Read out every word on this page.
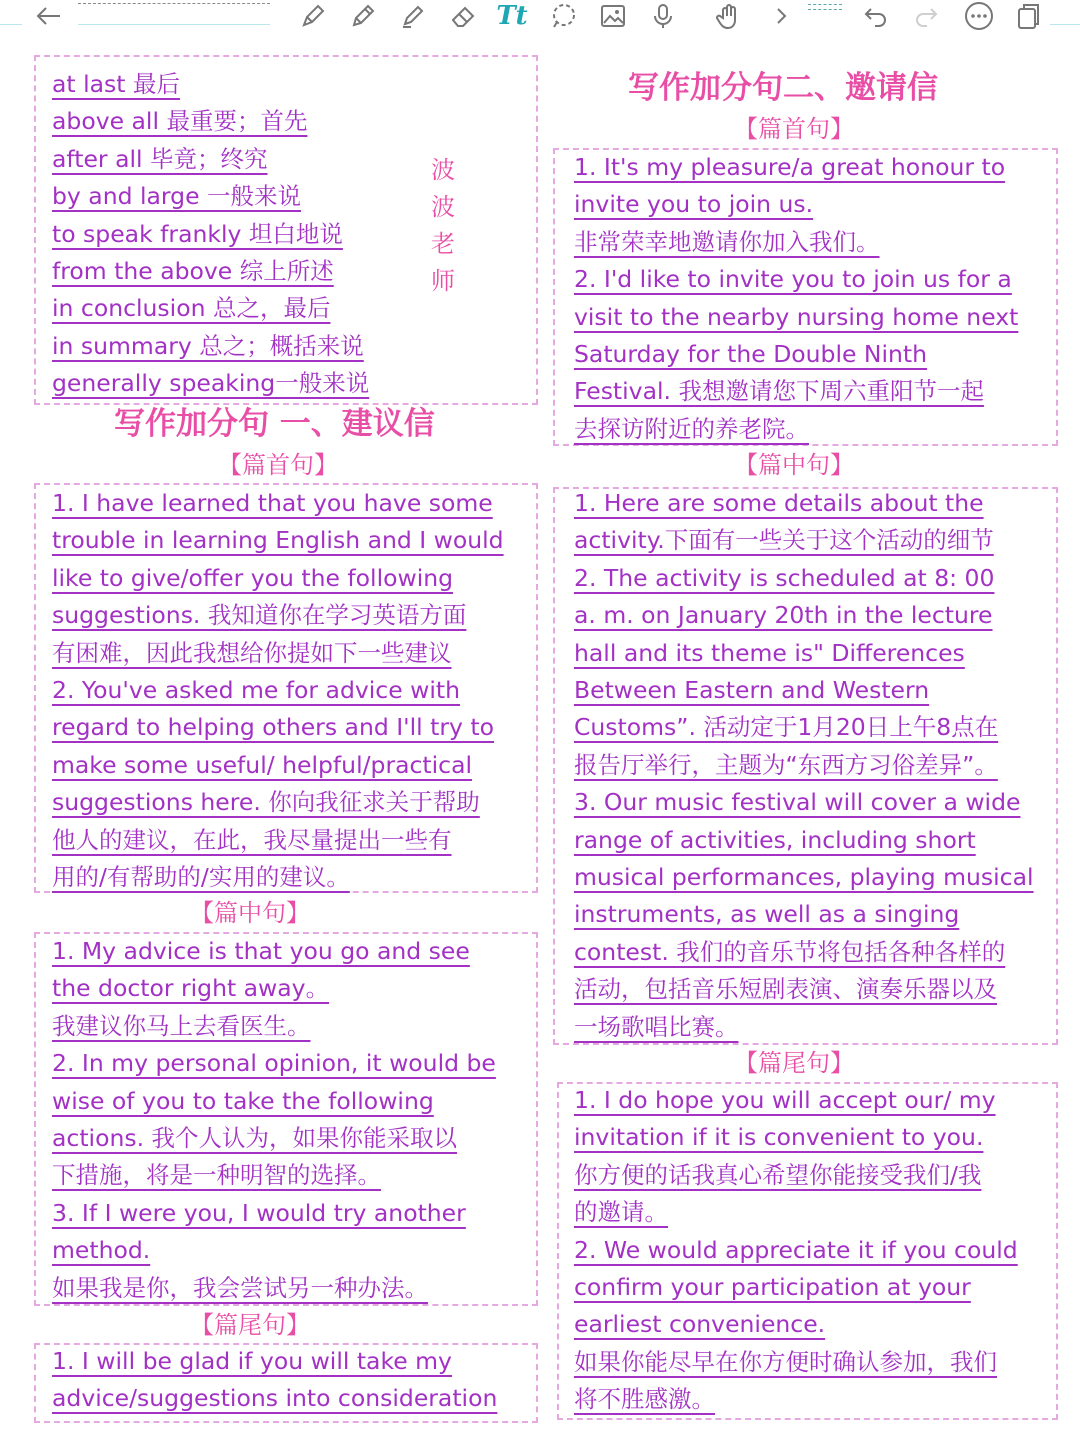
Tt

at last 最后

above all 最重要；首先

after all 毕竟；终究

by and large 一般来说

to speak frankly 坦白地说

from the above 综上所述

in conclusion 总之，最后

in summary 总之；概括来说

generally speaking一般来说

波
波
老
师

写作加分句 一、建议信

【篇首句】

1. I have learned that you have some

trouble in learning English and I would

like to give/offer you the following

suggestions. 我知道你在学习英语方面

有困难，因此我想给你提如下一些建议

2. You've asked me for advice with

regard to helping others and I'll try to

make some useful/ helpful/practical

suggestions here. 你向我征求关于帮助

他人的建议，在此，我尽量提出一些有

用的/有帮助的/实用的建议。

【篇中句】

1. My advice is that you go and see

the doctor right away。

我建议你马上去看医生。

2. In my personal opinion, it would be

wise of you to take the following

actions. 我个人认为，如果你能采取以

下措施，将是一种明智的选择。

3. If I were you, I would try another

method.

如果我是你，我会尝试另一种办法。

【篇尾句】

1. I will be glad if you will take my

advice/suggestions into consideration

写作加分句二、邀请信

【篇首句】

1. It's my pleasure/a great honour to

invite you to join us.

非常荣幸地邀请你加入我们。

2. I'd like to invite you to join us for a

visit to the nearby nursing home next

Saturday for the Double Ninth

Festival. 我想邀请您下周六重阳节一起

去探访附近的养老院。

【篇中句】

1. Here are some details about the

activity.下面有一些关于这个活动的细节

2. The activity is scheduled at 8: 00

a. m. on January 20th in the lecture

hall and its theme is" Differences

Between Eastern and Western

Customs”. 活动定于1月20日上午8点在

报告厅举行，主题为“东西方习俗差异”。

3. Our music festival will cover a wide

range of activities, including short

musical performances, playing musical

instruments, as well as a singing

contest. 我们的音乐节将包括各种各样的

活动，包括音乐短剧表演、演奏乐器以及

一场歌唱比赛。

【篇尾句】

1. I do hope you will accept our/ my

invitation if it is convenient to you.

你方便的话我真心希望你能接受我们/我

的邀请。

2. We would appreciate it if you could

confirm your participation at your

earliest convenience.

如果你能尽早在你方便时确认参加，我们

将不胜感激。
